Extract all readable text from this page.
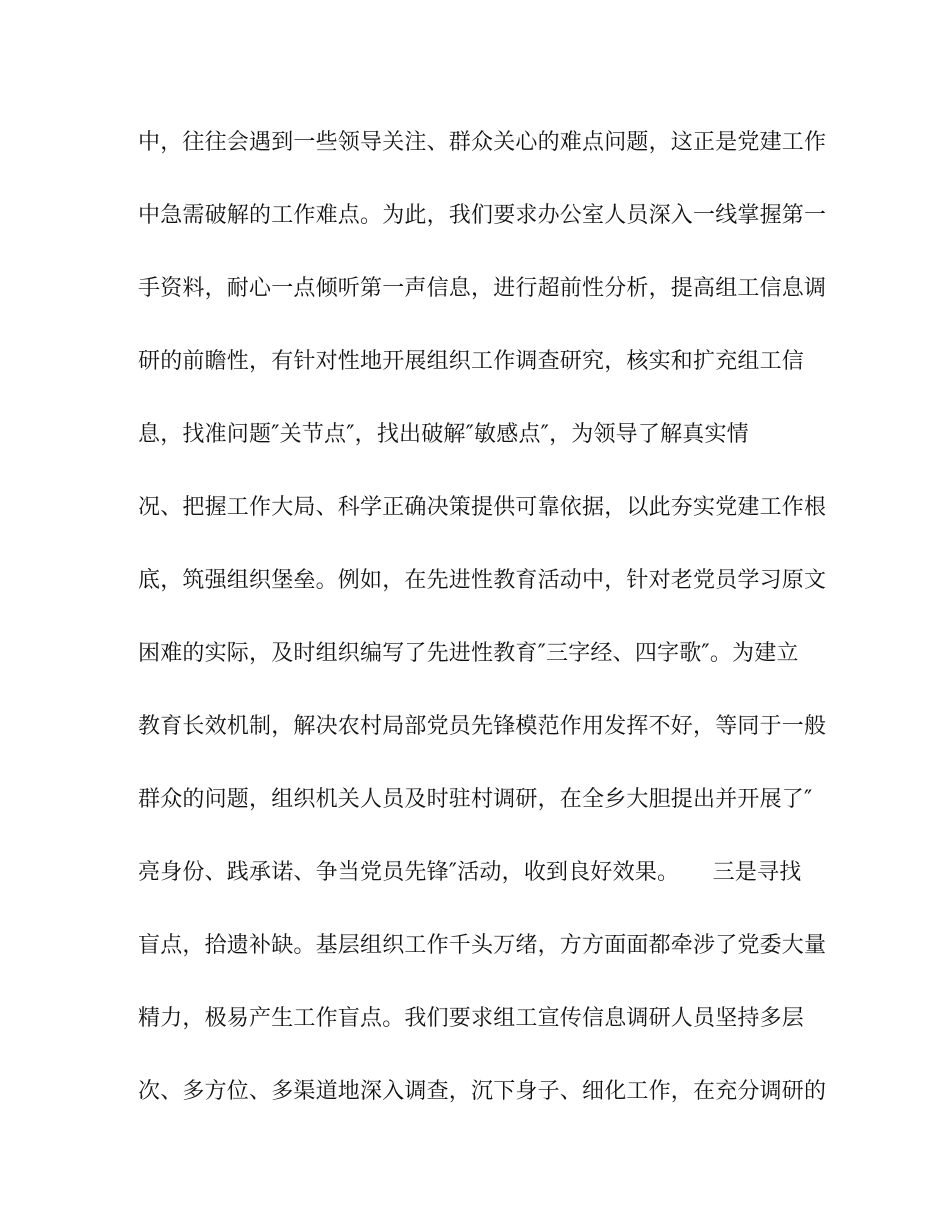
中，往往会遇到一些领导关注、群众关心的难点问题，这正是党建工作
中急需破解的工作难点。为此，我们要求办公室人员深入一线掌握第一
手资料，耐心一点倾听第一声信息，进行超前性分析，提高组工信息调
研的前瞻性，有针对性地开展组织工作调查研究，核实和扩充组工信
息，找准问题″关节点″，找出破解″敏感点″，为领导了解真实情
况、把握工作大局、科学正确决策提供可靠依据，以此夯实党建工作根
底，筑强组织堡垒。例如，在先进性教育活动中，针对老党员学习原文
困难的实际，及时组织编写了先进性教育″三字经、四字歌″。为建立
教育长效机制，解决农村局部党员先锋模范作用发挥不好，等同于一般
群众的问题，组织机关人员及时驻村调研，在全乡大胆提出并开展了″
亮身份、践承诺、争当党员先锋″活动，收到良好效果。　　三是寻找
盲点，拾遗补缺。基层组织工作千头万绪，方方面面都牵涉了党委大量
精力，极易产生工作盲点。我们要求组工宣传信息调研人员坚持多层
次、多方位、多渠道地深入调查，沉下身子、细化工作，在充分调研的
